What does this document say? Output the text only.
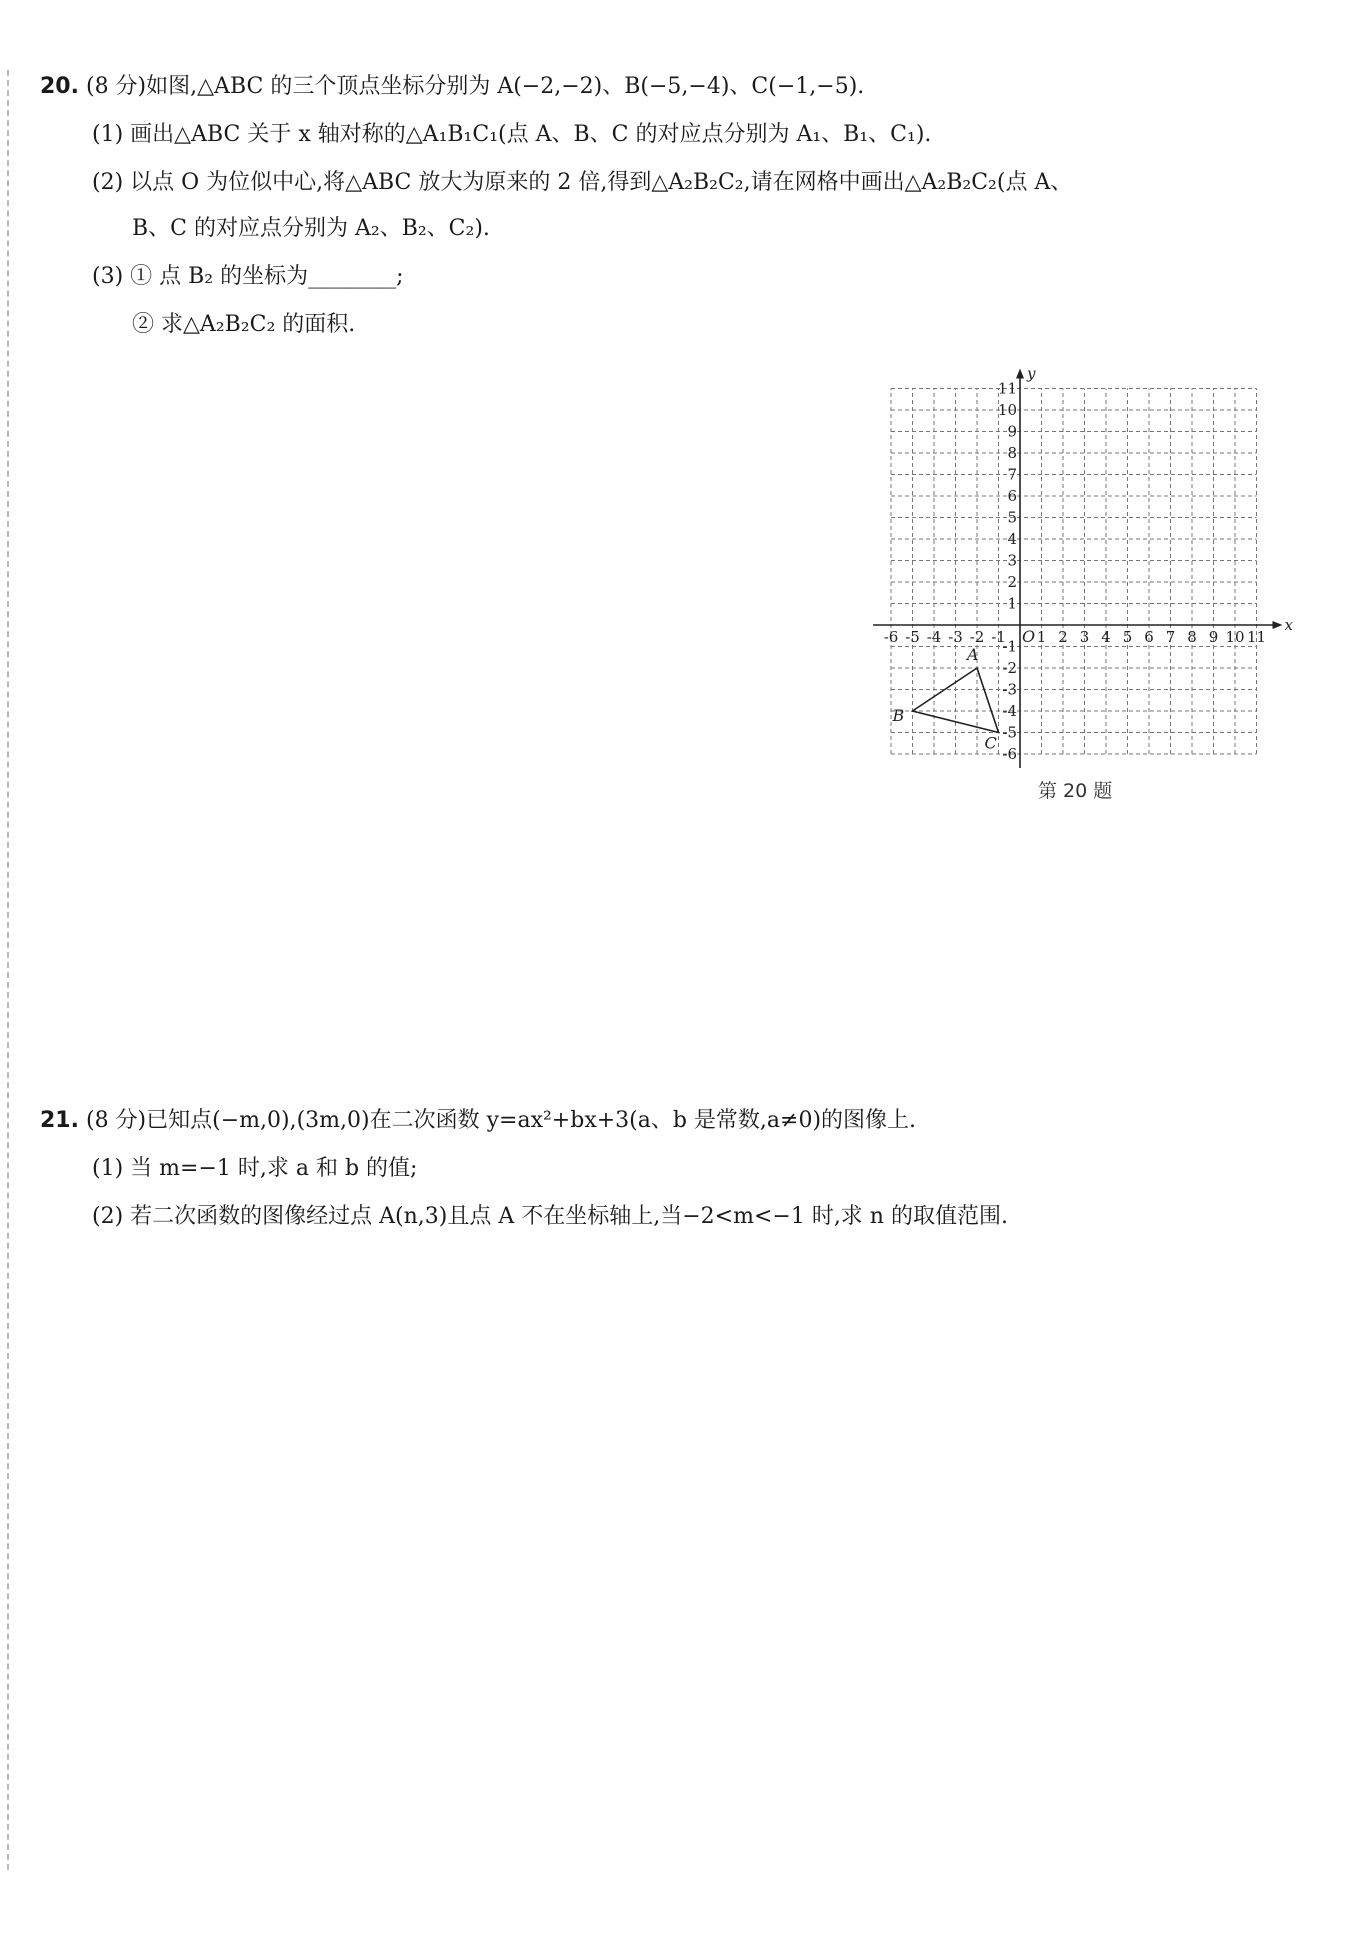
20. (8 分)如图,△ABC 的三个顶点坐标分别为 A(−2,−2)、B(−5,−4)、C(−1,−5).
(1) 画出△ABC 关于 x 轴对称的△A₁B₁C₁(点 A、B、C 的对应点分别为 A₁、B₁、C₁).
(2) 以点 O 为位似中心,将△ABC 放大为原来的 2 倍,得到△A₂B₂C₂,请在网格中画出△A₂B₂C₂(点 A、
B、C 的对应点分别为 A₂、B₂、C₂).
(3) ① 点 B₂ 的坐标为________;
② 求△A₂B₂C₂ 的面积.
x
y
O
-6 -5 -4 -3 -2 -1 1 2 3 4 5 6 7 8 9 10 11
11
10
9
8
7
6
5
4
3
2
1
-1
-2
-3
-4
-5
-6
A
B
C
第 20 题
21. (8 分)已知点(−m,0),(3m,0)在二次函数 y=ax²+bx+3(a、b 是常数,a≠0)的图像上.
(1) 当 m=−1 时,求 a 和 b 的值;
(2) 若二次函数的图像经过点 A(n,3)且点 A 不在坐标轴上,当−2<m<−1 时,求 n 的取值范围.
